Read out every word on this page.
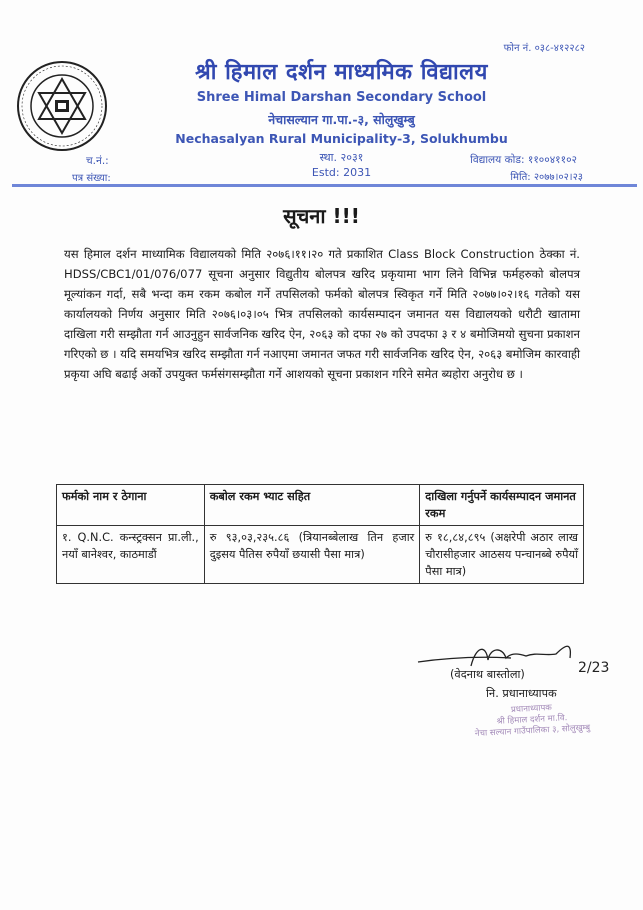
फोन नं. ०३८-४१२२८२
श्री हिमाल दर्शन माध्यमिक विद्यालय
Shree Himal Darshan Secondary School
नेचासल्यान गा.पा.-३, सोलुखुम्बु
Nechasalyan Rural Municipality-3, Solukhumbu
स्था. २०३१
Estd: 2031
च.नं.:
पत्र संख्या:
विद्यालय कोड: ११००४११०२
मिति: २०७७।०२।२३
सूचना !!!
यस हिमाल दर्शन माध्यामिक विद्यालयको मिति २०७६।११।२० गते प्रकाशित Class Block Construction ठेक्का नं. HDSS/CBC1/01/076/077 सूचना अनुसार विद्युतीय बोलपत्र खरिद प्रकृयामा भाग लिने विभिन्न फर्महरुको बोलपत्र मूल्यांकन गर्दा, सबै भन्दा कम रकम कबोल गर्ने तपसिलको फर्मको बोलपत्र स्विकृत गर्ने मिति २०७७।०२।१६ गतेको यस कार्यालयको निर्णय अनुसार मिति २०७६।०३।०५ भित्र तपसिलको कार्यसम्पादन जमानत यस विद्यालयको धरौटी खातामा दाखिला गरी सम्झौता गर्न आउनुहुन सार्वजनिक खरिद ऐन, २०६३ को दफा २७ को उपदफा ३ र ४ बमोजिमयो सुचना प्रकाशन गरिएको छ । यदि समयभित्र खरिद सम्झौता गर्न नआएमा जमानत जफत गरी सार्वजनिक खरिद ऐन, २०६३ बमोजिम कारवाही प्रकृया अघि बढाई अर्को उपयुक्त फर्मसंगसम्झौता गर्ने आशयको सूचना प्रकाशन गरिने समेत ब्यहोरा अनुरोध छ ।
फर्मको नाम र ठेगाना	कबोल रकम भ्याट सहित	दाखिला गर्नुपर्ने कार्यसम्पादन जमानत रकम
१. Q.N.C. कन्स्ट्रक्सन प्रा.ली., नयाँ बानेश्वर, काठमाडौं	रु ९३,०३,२३५.८६ (त्रियानब्बेलाख तिन हजार दुइसय पैतिस रुपैयाँ छयासी पैसा मात्र)	रु १८,८४,८९५ (अक्षरेपी अठार लाख चौरासीहजार आठसय पन्चानब्बे रुपैयाँ पैसा मात्र)
2/23
(वेदनाथ बास्तोला)
नि. प्रधानाध्यापक
प्रधानाध्यापक
श्री हिमाल दर्शन मा.वि.
नेचा सल्यान गाउँपालिका ३, सोलुखुम्बु
